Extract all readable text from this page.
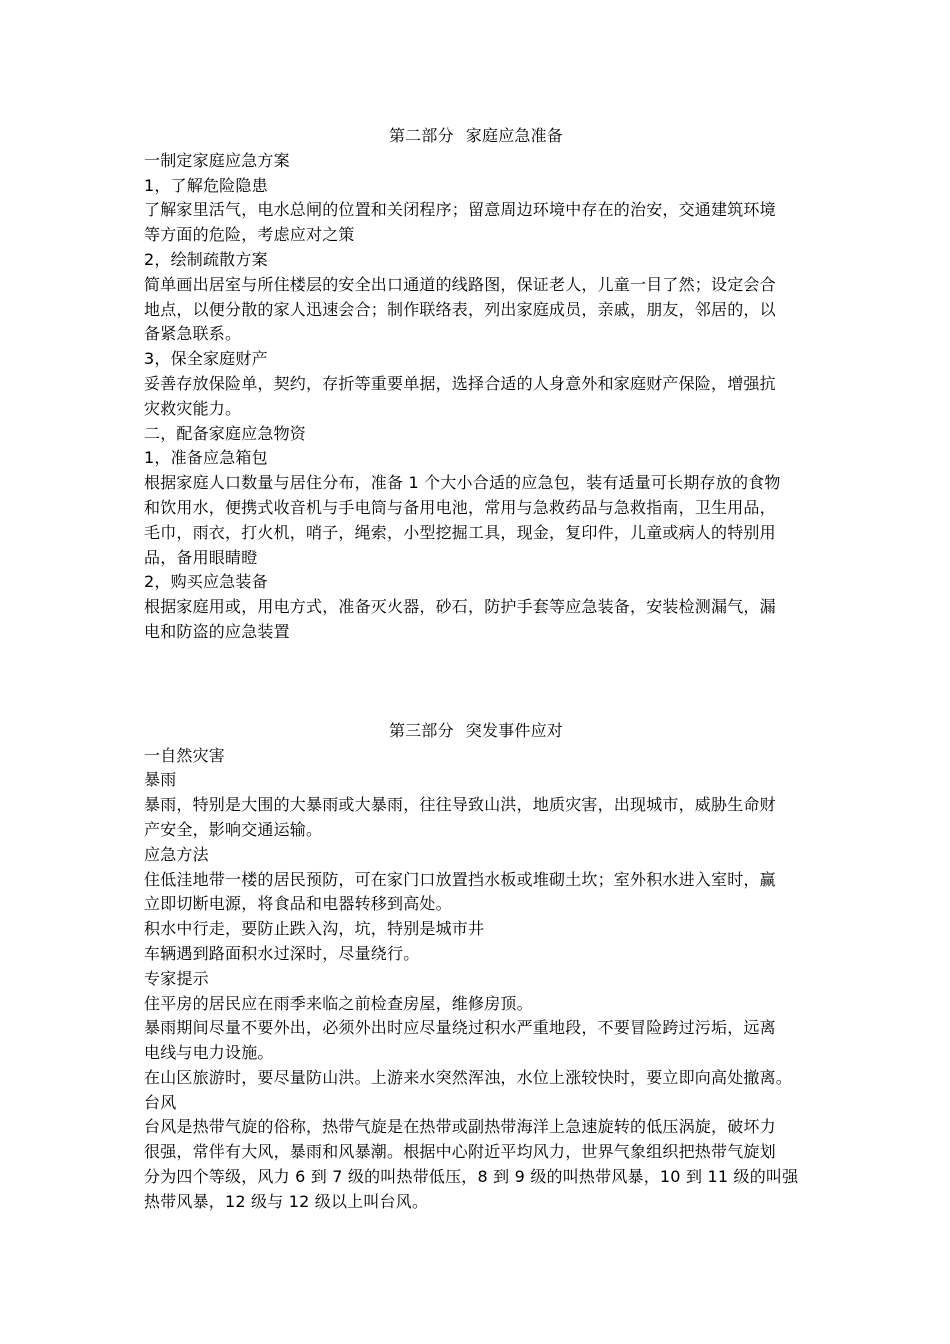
第二部分 家庭应急准备

一制定家庭应急方案

1，了解危险隐患

了解家里活气，电水总闸的位置和关闭程序；留意周边环境中存在的治安，交通建筑环境

等方面的危险，考虑应对之策

2，绘制疏散方案

简单画出居室与所住楼层的安全出口通道的线路图，保证老人，儿童一目了然；设定会合

地点，以便分散的家人迅速会合；制作联络表，列出家庭成员，亲戚，朋友，邻居的，以

备紧急联系。

3，保全家庭财产

妥善存放保险单，契约，存折等重要单据，选择合适的人身意外和家庭财产保险，增强抗

灾救灾能力。

二，配备家庭应急物资

1，准备应急箱包

根据家庭人口数量与居住分布，准备 1 个大小合适的应急包，装有适量可长期存放的食物

和饮用水，便携式收音机与手电筒与备用电池，常用与急救药品与急救指南，卫生用品，

毛巾，雨衣，打火机，哨子，绳索，小型挖掘工具，现金，复印件，儿童或病人的特别用

品，备用眼睛瞪

2，购买应急装备

根据家庭用或，用电方式，准备灭火器，砂石，防护手套等应急装备，安装检测漏气，漏

电和防盗的应急装置

第三部分 突发事件应对

一自然灾害

暴雨

暴雨，特别是大围的大暴雨或大暴雨，往往导致山洪，地质灾害，出现城市，威胁生命财

产安全，影响交通运输。

应急方法

住低洼地带一楼的居民预防，可在家门口放置挡水板或堆砌土坎；室外积水进入室时，赢

立即切断电源，将食品和电器转移到高处。

积水中行走，要防止跌入沟，坑，特别是城市井

车辆遇到路面积水过深时，尽量绕行。

专家提示

住平房的居民应在雨季来临之前检查房屋，维修房顶。

暴雨期间尽量不要外出，必须外出时应尽量绕过积水严重地段，不要冒险跨过污垢，远离

电线与电力设施。

在山区旅游时，要尽量防山洪。上游来水突然浑浊，水位上涨较快时，要立即向高处撤离。

台风

台风是热带气旋的俗称，热带气旋是在热带或副热带海洋上急速旋转的低压涡旋，破坏力

很强，常伴有大风，暴雨和风暴潮。根据中心附近平均风力，世界气象组织把热带气旋划

分为四个等级，风力 6 到 7 级的叫热带低压，8 到 9 级的叫热带风暴，10 到 11 级的叫强

热带风暴，12 级与 12 级以上叫台风。
